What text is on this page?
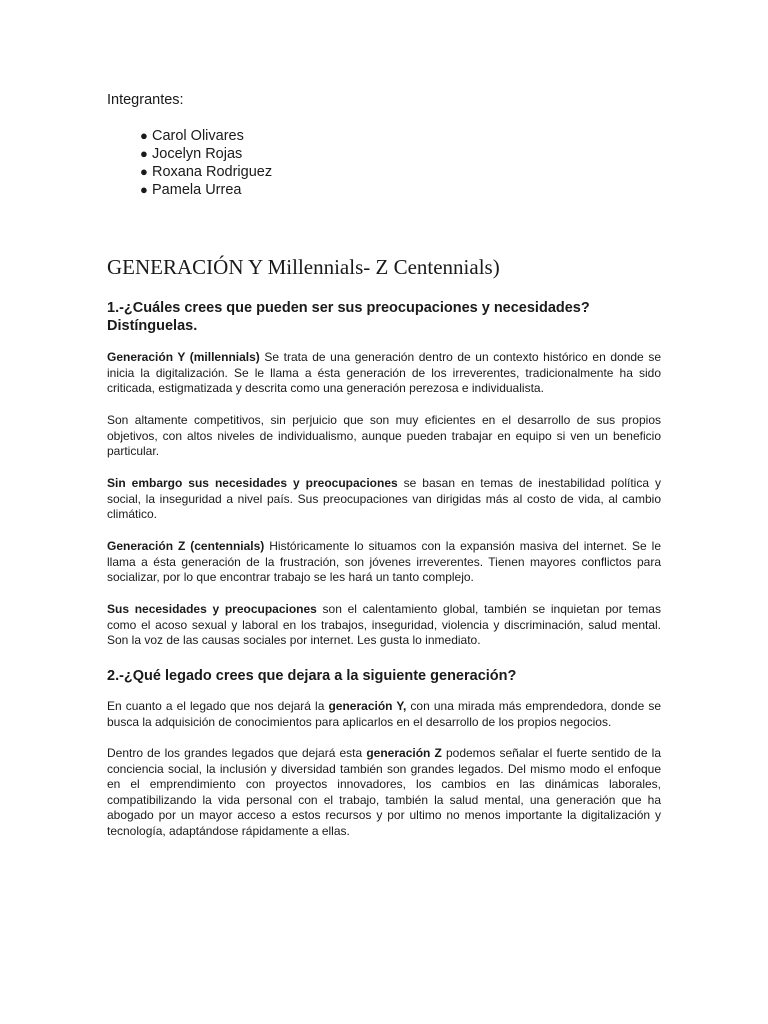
Integrantes:
● Carol Olivares
● Jocelyn Rojas
● Roxana Rodriguez
● Pamela Urrea
GENERACIÓN Y Millennials- Z Centennials)
1.-¿Cuáles crees que pueden ser sus preocupaciones y necesidades? Distínguelas.

Generación Y (millennials) Se trata de una generación dentro de un contexto histórico en donde se inicia la digitalización. Se le llama a ésta generación de los irreverentes, tradicionalmente ha sido criticada, estigmatizada y descrita como una generación perezosa e individualista.

Son altamente competitivos, sin perjuicio que son muy eficientes en el desarrollo de sus propios objetivos, con altos niveles de individualismo, aunque pueden trabajar en equipo si ven un beneficio particular.

Sin embargo sus necesidades y preocupaciones se basan en temas de inestabilidad política y social, la inseguridad a nivel país. Sus preocupaciones van dirigidas más al costo de vida, al cambio climático.

Generación Z (centennials) Históricamente lo situamos con la expansión masiva del internet. Se le llama a ésta generación de la frustración, son jóvenes irreverentes. Tienen mayores conflictos para socializar, por lo que encontrar trabajo se les hará un tanto complejo.

Sus necesidades y preocupaciones son el calentamiento global, también se inquietan por temas como el acoso sexual y laboral en los trabajos, inseguridad, violencia y discriminación, salud mental. Son la voz de las causas sociales por internet. Les gusta lo inmediato.

2.-¿Qué legado crees que dejara a la siguiente generación?

En cuanto a el legado que nos dejará la generación Y, con una mirada más emprendedora, donde se busca la adquisición de conocimientos para aplicarlos en el desarrollo de los propios negocios.

Dentro de los grandes legados que dejará esta generación Z podemos señalar el fuerte sentido de la conciencia social, la inclusión y diversidad también son grandes legados. Del mismo modo el enfoque en el emprendimiento con proyectos innovadores, los cambios en las dinámicas laborales, compatibilizando la vida personal con el trabajo, también la salud mental, una generación que ha abogado por un mayor acceso a estos recursos y por ultimo no menos importante la digitalización y tecnología, adaptándose rápidamente a ellas.
